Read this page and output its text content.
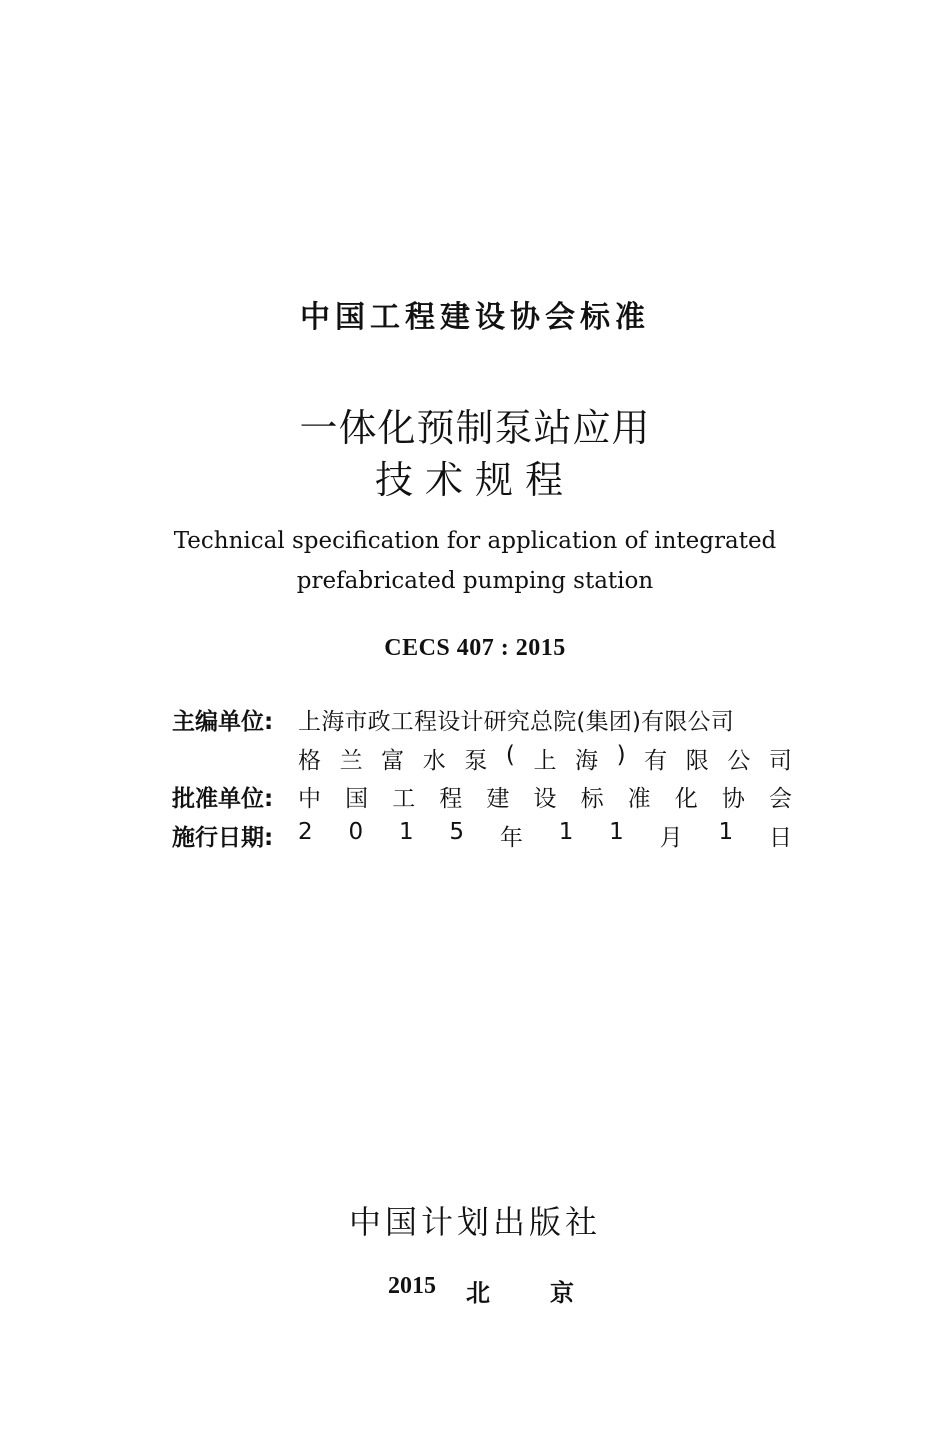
中国工程建设协会标准
一体化预制泵站应用
技术规程
Technical specification for application of integrated
prefabricated pumping station
CECS 407 : 2015
主编单位:	上海市政工程设计研究总院(集团)有限公司
格 兰 富 水 泵 ( 上 海 ) 有 限 公 司
批准单位:	中 国 工 程 建 设 标 准 化 协 会
施行日期:	2 0 1 5 年 1 1 月 1 日
中国计划出版社
2015 北	京
